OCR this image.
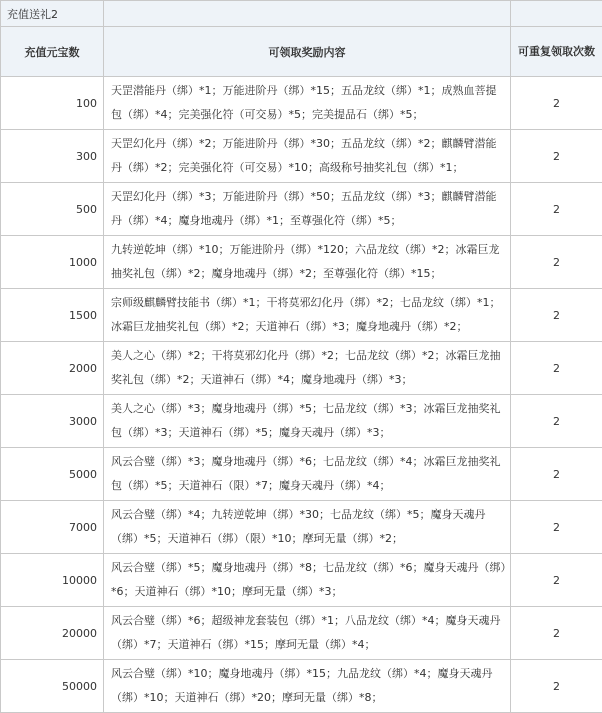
充值送礼2		
充值元宝数	可领取奖励内容	可重复领取次数
100	天罡潜能丹（绑）*1；万能进阶丹（绑）*15；五品龙纹（绑）*1；成熟血菩提包（绑）*4；完美强化符（可交易）*5；完美提品石（绑）*5；	2
300	天罡幻化丹（绑）*2；万能进阶丹（绑）*30；五品龙纹（绑）*2；麒麟臂潜能丹（绑）*2；完美强化符（可交易）*10；高级称号抽奖礼包（绑）*1；	2
500	天罡幻化丹（绑）*3；万能进阶丹（绑）*50；五品龙纹（绑）*3；麒麟臂潜能丹（绑）*4；魔身地魂丹（绑）*1；至尊强化符（绑）*5；	2
1000	九转逆乾坤（绑）*10；万能进阶丹（绑）*120；六品龙纹（绑）*2；冰霜巨龙抽奖礼包（绑）*2；魔身地魂丹（绑）*2；至尊强化符（绑）*15；	2
1500	宗师级麒麟臂技能书（绑）*1；干将莫邪幻化丹（绑）*2；七品龙纹（绑）*1；冰霜巨龙抽奖礼包（绑）*2；天道神石（绑）*3；魔身地魂丹（绑）*2；	2
2000	美人之心（绑）*2；干将莫邪幻化丹（绑）*2；七品龙纹（绑）*2；冰霜巨龙抽奖礼包（绑）*2；天道神石（绑）*4；魔身地魂丹（绑）*3；	2
3000	美人之心（绑）*3；魔身地魂丹（绑）*5；七品龙纹（绑）*3；冰霜巨龙抽奖礼包（绑）*3；天道神石（绑）*5；魔身天魂丹（绑）*3；	2
5000	风云合璧（绑）*3；魔身地魂丹（绑）*6；七品龙纹（绑）*4；冰霜巨龙抽奖礼包（绑）*5；天道神石（限）*7；魔身天魂丹（绑）*4；	2
7000	风云合璧（绑）*4；九转逆乾坤（绑）*30；七品龙纹（绑）*5；魔身天魂丹（绑）*5；天道神石（绑）（限）*10；摩珂无量（绑）*2；	2
10000	风云合璧（绑）*5；魔身地魂丹（绑）*8；七品龙纹（绑）*6；魔身天魂丹（绑）*6；天道神石（绑）*10；摩珂无量（绑）*3；	2
20000	风云合璧（绑）*6；超级神龙套装包（绑）*1；八品龙纹（绑）*4；魔身天魂丹（绑）*7；天道神石（绑）*15；摩珂无量（绑）*4；	2
50000	风云合璧（绑）*10；魔身地魂丹（绑）*15；九品龙纹（绑）*4；魔身天魂丹（绑）*10；天道神石（绑）*20；摩珂无量（绑）*8；	2
